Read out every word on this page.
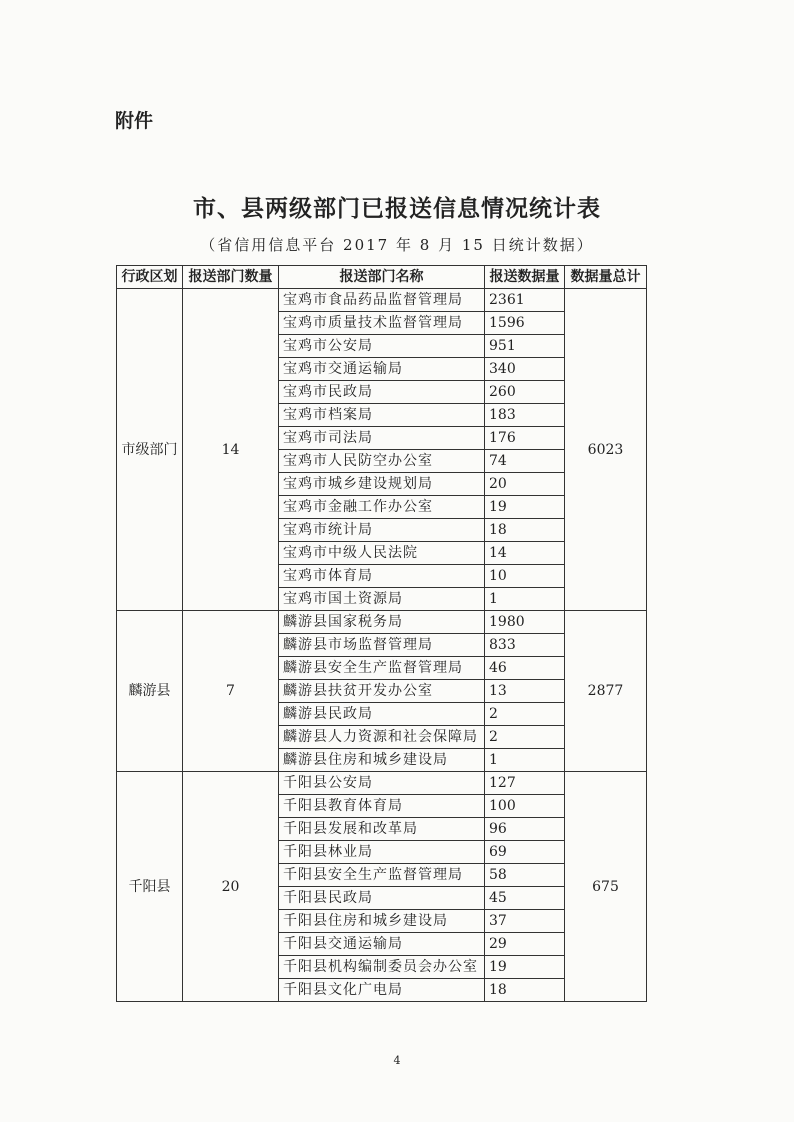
附件
市、县两级部门已报送信息情况统计表
（省信用信息平台 2017 年 8 月 15 日统计数据）
行政区划	报送部门数量	报送部门名称	报送数据量	数据量总计
市级部门	14	宝鸡市食品药品监督管理局	2361	6023
		宝鸡市质量技术监督管理局	1596	
		宝鸡市公安局	951	
		宝鸡市交通运输局	340	
		宝鸡市民政局	260	
		宝鸡市档案局	183	
		宝鸡市司法局	176	
		宝鸡市人民防空办公室	74	
		宝鸡市城乡建设规划局	20	
		宝鸡市金融工作办公室	19	
		宝鸡市统计局	18	
		宝鸡市中级人民法院	14	
		宝鸡市体育局	10	
		宝鸡市国土资源局	1	
麟游县	7	麟游县国家税务局	1980	2877
		麟游县市场监督管理局	833	
		麟游县安全生产监督管理局	46	
		麟游县扶贫开发办公室	13	
		麟游县民政局	2	
		麟游县人力资源和社会保障局	2	
		麟游县住房和城乡建设局	1	
千阳县	20	千阳县公安局	127	675
		千阳县教育体育局	100	
		千阳县发展和改革局	96	
		千阳县林业局	69	
		千阳县安全生产监督管理局	58	
		千阳县民政局	45	
		千阳县住房和城乡建设局	37	
		千阳县交通运输局	29	
		千阳县机构编制委员会办公室	19	
		千阳县文化广电局	18	
4
